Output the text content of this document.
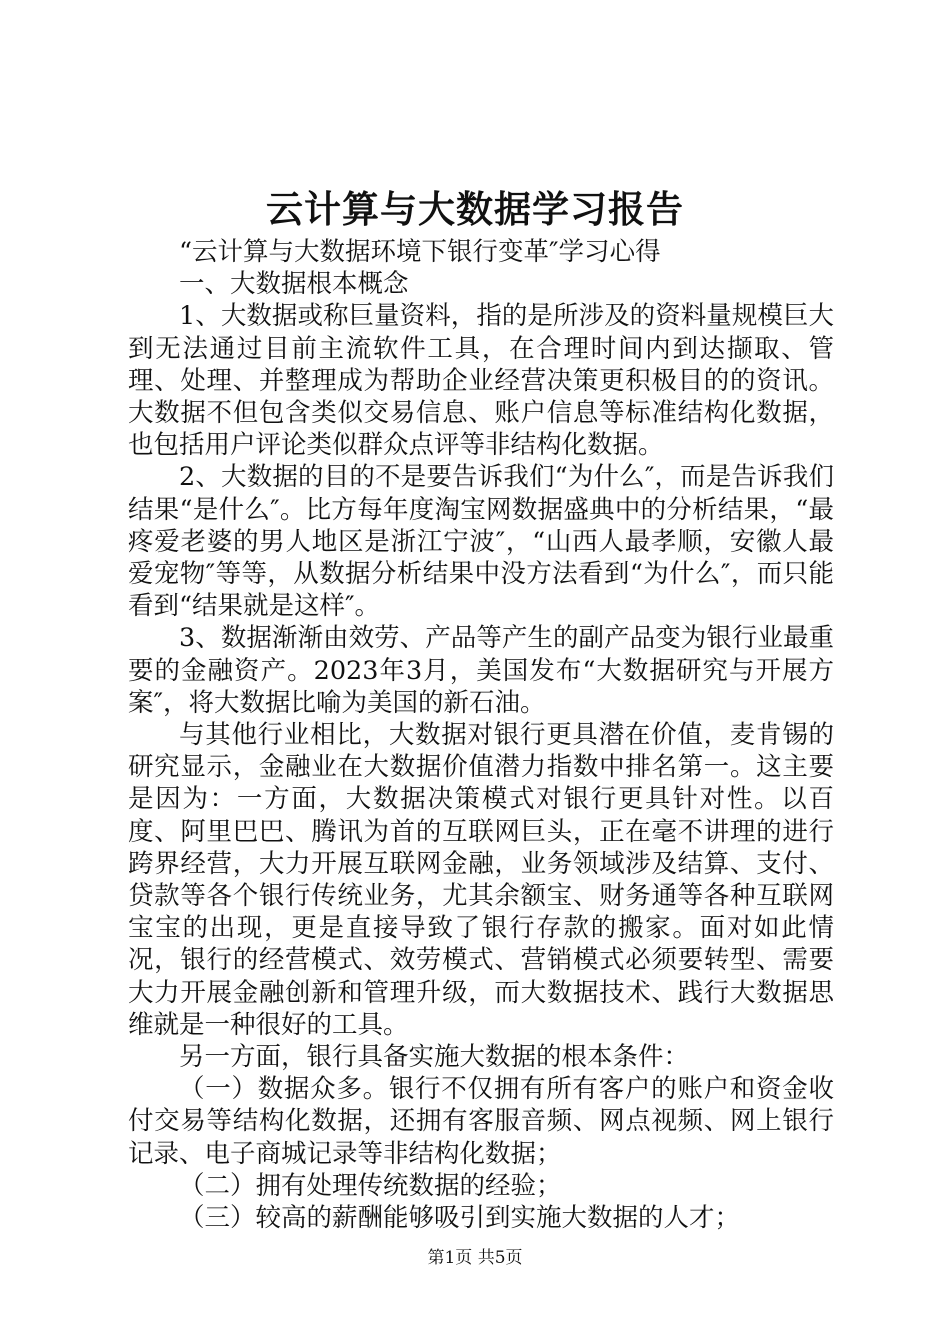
云计算与大数据学习报告

“云计算与大数据环境下银行变革″学习心得

一、大数据根本概念

1、大数据或称巨量资料，指的是所涉及的资料量规模巨大到无法通过目前主流软件工具，在合理时间内到达撷取、管理、处理、并整理成为帮助企业经营决策更积极目的的资讯。大数据不但包含类似交易信息、账户信息等标准结构化数据，也包括用户评论类似群众点评等非结构化数据。

2、大数据的目的不是要告诉我们“为什么″，而是告诉我们结果“是什么″。比方每年度淘宝网数据盛典中的分析结果，“最疼爱老婆的男人地区是浙江宁波″，“山西人最孝顺，安徽人最爱宠物″等等，从数据分析结果中没方法看到“为什么″，而只能看到“结果就是这样″。

3、数据渐渐由效劳、产品等产生的副产品变为银行业最重要的金融资产。2023年3月，美国发布“大数据研究与开展方案″，将大数据比喻为美国的新石油。

与其他行业相比，大数据对银行更具潜在价值，麦肯锡的研究显示，金融业在大数据价值潜力指数中排名第一。这主要是因为：一方面，大数据决策模式对银行更具针对性。以百度、阿里巴巴、腾讯为首的互联网巨头，正在毫不讲理的进行跨界经营，大力开展互联网金融，业务领域涉及结算、支付、贷款等各个银行传统业务，尤其余额宝、财务通等各种互联网宝宝的出现，更是直接导致了银行存款的搬家。面对如此情况，银行的经营模式、效劳模式、营销模式必须要转型、需要大力开展金融创新和管理升级，而大数据技术、践行大数据思维就是一种很好的工具。

另一方面，银行具备实施大数据的根本条件：

（一）数据众多。银行不仅拥有所有客户的账户和资金收付交易等结构化数据，还拥有客服音频、网点视频、网上银行记录、电子商城记录等非结构化数据；

（二）拥有处理传统数据的经验；

（三）较高的薪酬能够吸引到实施大数据的人才；

第1页 共5页
